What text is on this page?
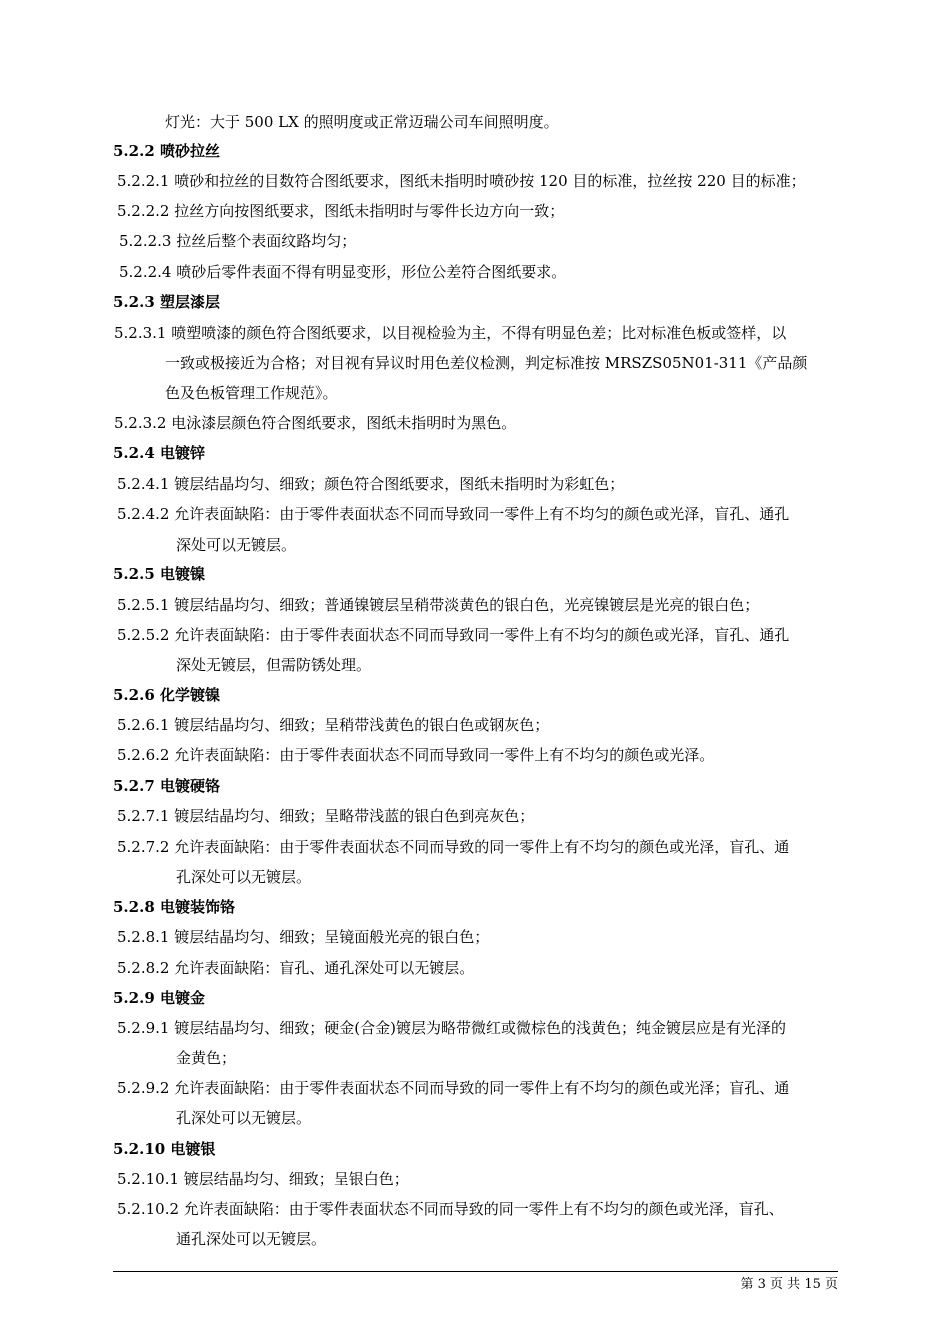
灯光：大于 500 LX 的照明度或正常迈瑞公司车间照明度。
5.2.2 喷砂拉丝
5.2.2.1 喷砂和拉丝的目数符合图纸要求，图纸未指明时喷砂按 120 目的标准，拉丝按 220 目的标准；
5.2.2.2 拉丝方向按图纸要求，图纸未指明时与零件长边方向一致；
5.2.2.3 拉丝后整个表面纹路均匀；
5.2.2.4 喷砂后零件表面不得有明显变形，形位公差符合图纸要求。
5.2.3 塑层漆层
5.2.3.1 喷塑喷漆的颜色符合图纸要求，以目视检验为主，不得有明显色差；比对标准色板或签样，以
一致或极接近为合格；对目视有异议时用色差仪检测，判定标准按 MRSZS05N01-311《产品颜
色及色板管理工作规范》。
5.2.3.2 电泳漆层颜色符合图纸要求，图纸未指明时为黑色。
5.2.4 电镀锌
5.2.4.1 镀层结晶均匀、细致；颜色符合图纸要求，图纸未指明时为彩虹色；
5.2.4.2 允许表面缺陷：由于零件表面状态不同而导致同一零件上有不均匀的颜色或光泽，盲孔、通孔
深处可以无镀层。
5.2.5 电镀镍
5.2.5.1 镀层结晶均匀、细致；普通镍镀层呈稍带淡黄色的银白色，光亮镍镀层是光亮的银白色；
5.2.5.2 允许表面缺陷：由于零件表面状态不同而导致同一零件上有不均匀的颜色或光泽，盲孔、通孔
深处无镀层，但需防锈处理。
5.2.6 化学镀镍
5.2.6.1 镀层结晶均匀、细致；呈稍带浅黄色的银白色或钢灰色；
5.2.6.2 允许表面缺陷：由于零件表面状态不同而导致同一零件上有不均匀的颜色或光泽。
5.2.7 电镀硬铬
5.2.7.1 镀层结晶均匀、细致；呈略带浅蓝的银白色到亮灰色；
5.2.7.2 允许表面缺陷：由于零件表面状态不同而导致的同一零件上有不均匀的颜色或光泽，盲孔、通
孔深处可以无镀层。
5.2.8 电镀装饰铬
5.2.8.1 镀层结晶均匀、细致；呈镜面般光亮的银白色；
5.2.8.2 允许表面缺陷：盲孔、通孔深处可以无镀层。
5.2.9 电镀金
5.2.9.1 镀层结晶均匀、细致；硬金(合金)镀层为略带微红或微棕色的浅黄色；纯金镀层应是有光泽的
金黄色；
5.2.9.2 允许表面缺陷：由于零件表面状态不同而导致的同一零件上有不均匀的颜色或光泽；盲孔、通
孔深处可以无镀层。
5.2.10 电镀银
5.2.10.1 镀层结晶均匀、细致；呈银白色；
5.2.10.2 允许表面缺陷：由于零件表面状态不同而导致的同一零件上有不均匀的颜色或光泽，盲孔、
通孔深处可以无镀层。
第 3 页 共 15 页
